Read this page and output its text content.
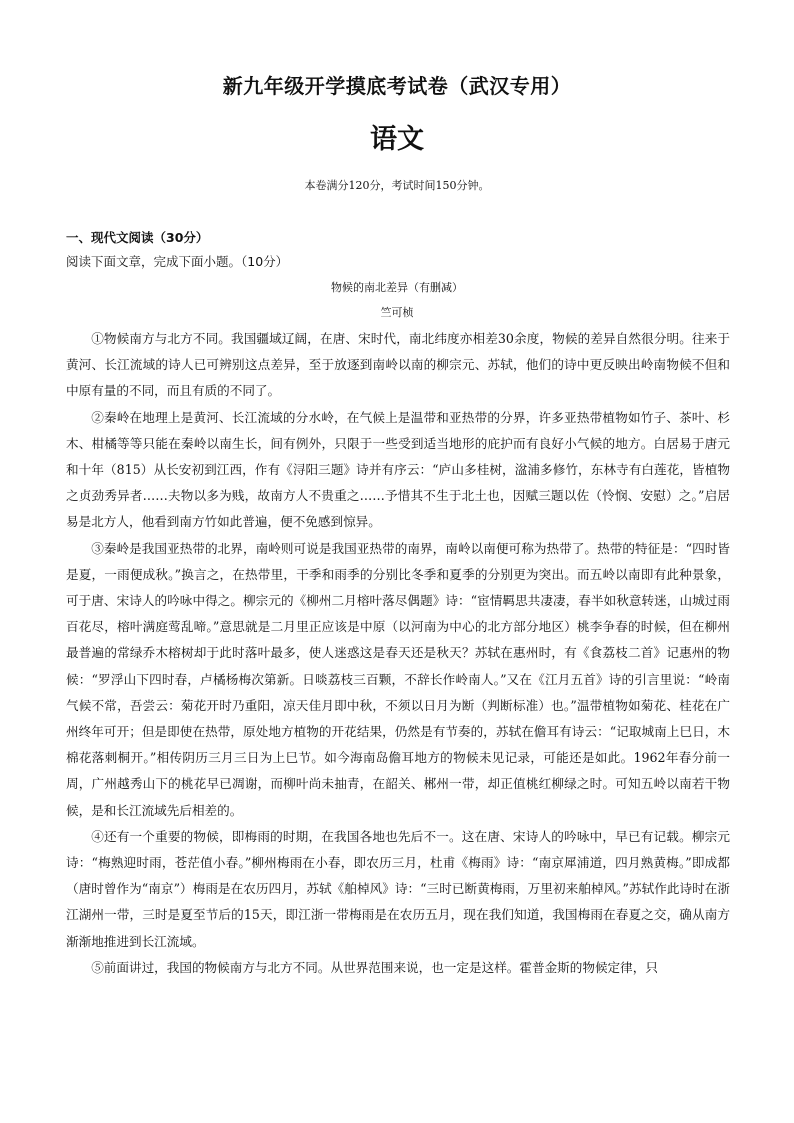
新九年级开学摸底考试卷（武汉专用）
语文
本卷满分120分，考试时间150分钟。
一、现代文阅读（30分）
阅读下面文章，完成下面小题。（10分）
物候的南北差异（有删减）
竺可桢

①物候南方与北方不同。我国疆域辽阔，在唐、宋时代，南北纬度亦相差30余度，物候的差异自然很分明。往来于黄河、长江流域的诗人已可辨别这点差异，至于放逐到南岭以南的柳宗元、苏轼，他们的诗中更反映出岭南物候不但和中原有量的不同，而且有质的不同了。

②秦岭在地理上是黄河、长江流域的分水岭，在气候上是温带和亚热带的分界，许多亚热带植物如竹子、茶叶、杉木、柑橘等等只能在秦岭以南生长，间有例外，只限于一些受到适当地形的庇护而有良好小气候的地方。白居易于唐元和十年（815）从长安初到江西，作有《浔阳三题》诗并有序云：“庐山多桂树，湓浦多修竹，东林寺有白莲花，皆植物之贞劲秀异者……夫物以多为贱，故南方人不贵重之……予惜其不生于北土也，因赋三题以佐（怜悯、安慰）之。”启居易是北方人，他看到南方竹如此普遍，便不免感到惊异。

③秦岭是我国亚热带的北界，南岭则可说是我国亚热带的南界，南岭以南便可称为热带了。热带的特征是：“四时皆是夏，一雨便成秋。”换言之，在热带里，干季和雨季的分别比冬季和夏季的分别更为突出。而五岭以南即有此种景象，可于唐、宋诗人的吟咏中得之。柳宗元的《柳州二月榕叶落尽偶题》诗：“宦情羁思共凄凄，春半如秋意转迷，山城过雨百花尽，榕叶满庭莺乱啼。”意思就是二月里正应该是中原（以河南为中心的北方部分地区）桃李争春的时候，但在柳州最普遍的常绿乔木榕树却于此时落叶最多，使人迷惑这是春天还是秋天？苏轼在惠州时，有《食荔枝二首》记惠州的物候：“罗浮山下四时春，卢橘杨梅次第新。日啖荔枝三百颗，不辞长作岭南人。”又在《江月五首》诗的引言里说：“岭南气候不常，吾尝云：菊花开时乃重阳，凉天佳月即中秋，不须以日月为断（判断标准）也。”温带植物如菊花、桂花在广州终年可开；但是即使在热带，原处地方植物的开花结果，仍然是有节奏的，苏轼在儋耳有诗云：“记取城南上巳日，木棉花落刺桐开。”相传阴历三月三日为上巳节。如今海南岛儋耳地方的物候未见记录，可能还是如此。1962年春分前一周，广州越秀山下的桃花早已凋谢，而柳叶尚未抽青，在韶关、郴州一带，却正值桃红柳绿之时。可知五岭以南若干物候，是和长江流域先后相差的。

④还有一个重要的物候，即梅雨的时期，在我国各地也先后不一。这在唐、宋诗人的吟咏中，早已有记载。柳宗元诗：“梅熟迎时雨，苍茫值小春。”柳州梅雨在小春，即农历三月，杜甫《梅雨》诗：“南京犀浦道，四月熟黄梅。”即成都（唐时曾作为“南京”）梅雨是在农历四月，苏轼《舶棹风》诗：“三时已断黄梅雨，万里初来舶棹风。”苏轼作此诗时在浙江湖州一带，三时是夏至节后的15天，即江浙一带梅雨是在农历五月，现在我们知道，我国梅雨在春夏之交，确从南方渐渐地推进到长江流域。

⑤前面讲过，我国的物候南方与北方不同。从世界范围来说，也一定是这样。霍普金斯的物候定律，只
